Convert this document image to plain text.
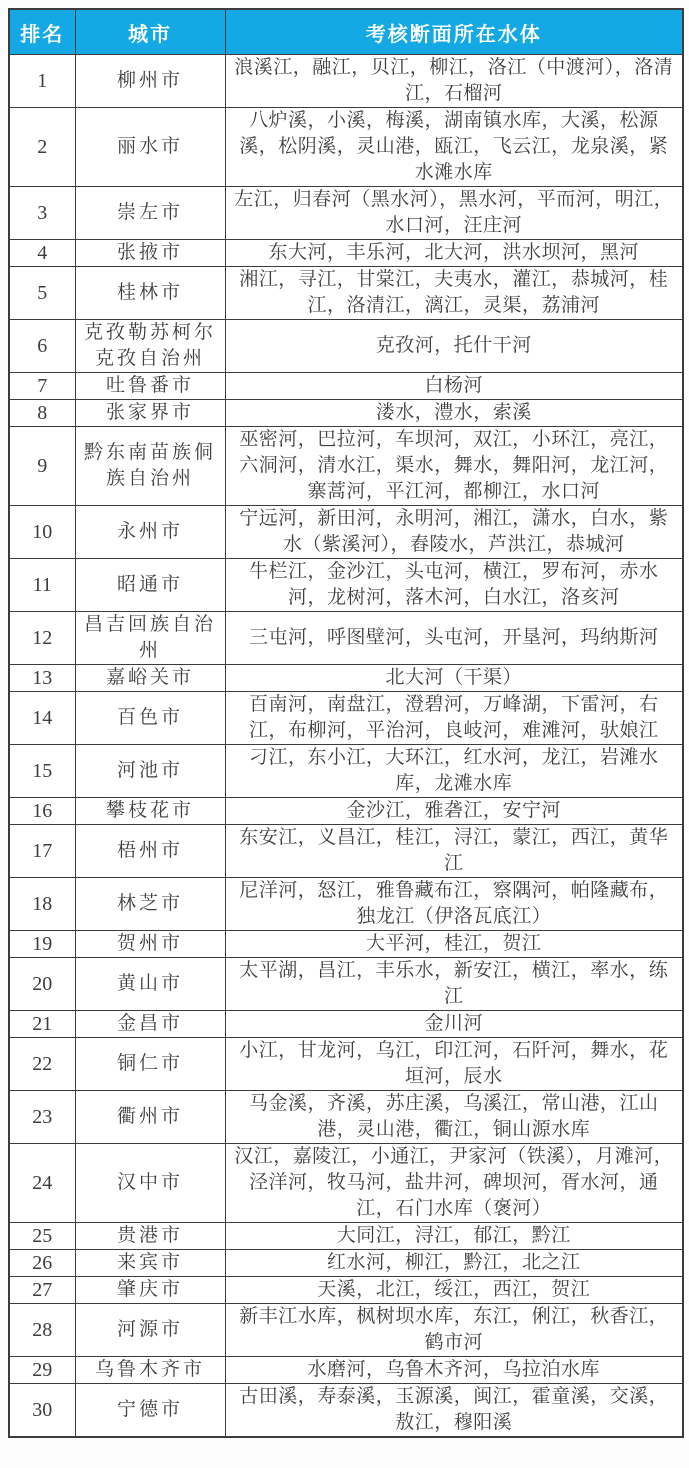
排名	城市	考核断面所在水体
1	柳州市	浪溪江，融江，贝江，柳江，洛江（中渡河），洛清江，石榴河
2	丽水市	八炉溪，小溪，梅溪，湖南镇水库，大溪，松源溪，松阴溪，灵山港，瓯江，飞云江，龙泉溪，紧水滩水库
3	崇左市	左江，归春河（黑水河），黑水河，平而河，明江，水口河，汪庄河
4	张掖市	东大河，丰乐河，北大河，洪水坝河，黑河
5	桂林市	湘江，寻江，甘棠江，夫夷水，灌江，恭城河，桂江，洛清江，漓江，灵渠，荔浦河
6	克孜勒苏柯尔克孜自治州	克孜河，托什干河
7	吐鲁番市	白杨河
8	张家界市	溇水，澧水，索溪
9	黔东南苗族侗族自治州	巫密河，巴拉河，车坝河，双江，小环江，亮江，六洞河，清水江，渠水，舞水，舞阳河，龙江河，寨蒿河，平江河，都柳江，水口河
10	永州市	宁远河，新田河，永明河，湘江，潇水，白水，紫水（紫溪河），舂陵水，芦洪江，恭城河
11	昭通市	牛栏江，金沙江，头屯河，横江，罗布河，赤水河，龙树河，落木河，白水江，洛亥河
12	昌吉回族自治州	三屯河，呼图壁河，头屯河，开垦河，玛纳斯河
13	嘉峪关市	北大河（干渠）
14	百色市	百南河，南盘江，澄碧河，万峰湖，下雷河，右江，布柳河，平治河，良岐河，难滩河，驮娘江
15	河池市	刁江，东小江，大环江，红水河，龙江，岩滩水库，龙滩水库
16	攀枝花市	金沙江，雅砻江，安宁河
17	梧州市	东安江，义昌江，桂江，浔江，蒙江，西江，黄华江
18	林芝市	尼洋河，怒江，雅鲁藏布江，察隅河，帕隆藏布，独龙江（伊洛瓦底江）
19	贺州市	大平河，桂江，贺江
20	黄山市	太平湖，昌江，丰乐水，新安江，横江，率水，练江
21	金昌市	金川河
22	铜仁市	小江，甘龙河，乌江，印江河，石阡河，舞水，花垣河，辰水
23	衢州市	马金溪，齐溪，苏庄溪，乌溪江，常山港，江山港，灵山港，衢江，铜山源水库
24	汉中市	汉江，嘉陵江，小通江，尹家河（铁溪），月滩河，泾洋河，牧马河，盐井河，碑坝河，胥水河，通江，石门水库（褒河）
25	贵港市	大同江，浔江，郁江，黔江
26	来宾市	红水河，柳江，黔江，北之江
27	肇庆市	天溪，北江，绥江，西江，贺江
28	河源市	新丰江水库，枫树坝水库，东江，俐江，秋香江，鹤市河
29	乌鲁木齐市	水磨河，乌鲁木齐河，乌拉泊水库
30	宁德市	古田溪，寿泰溪，玉源溪，闽江，霍童溪，交溪，敖江，穆阳溪
